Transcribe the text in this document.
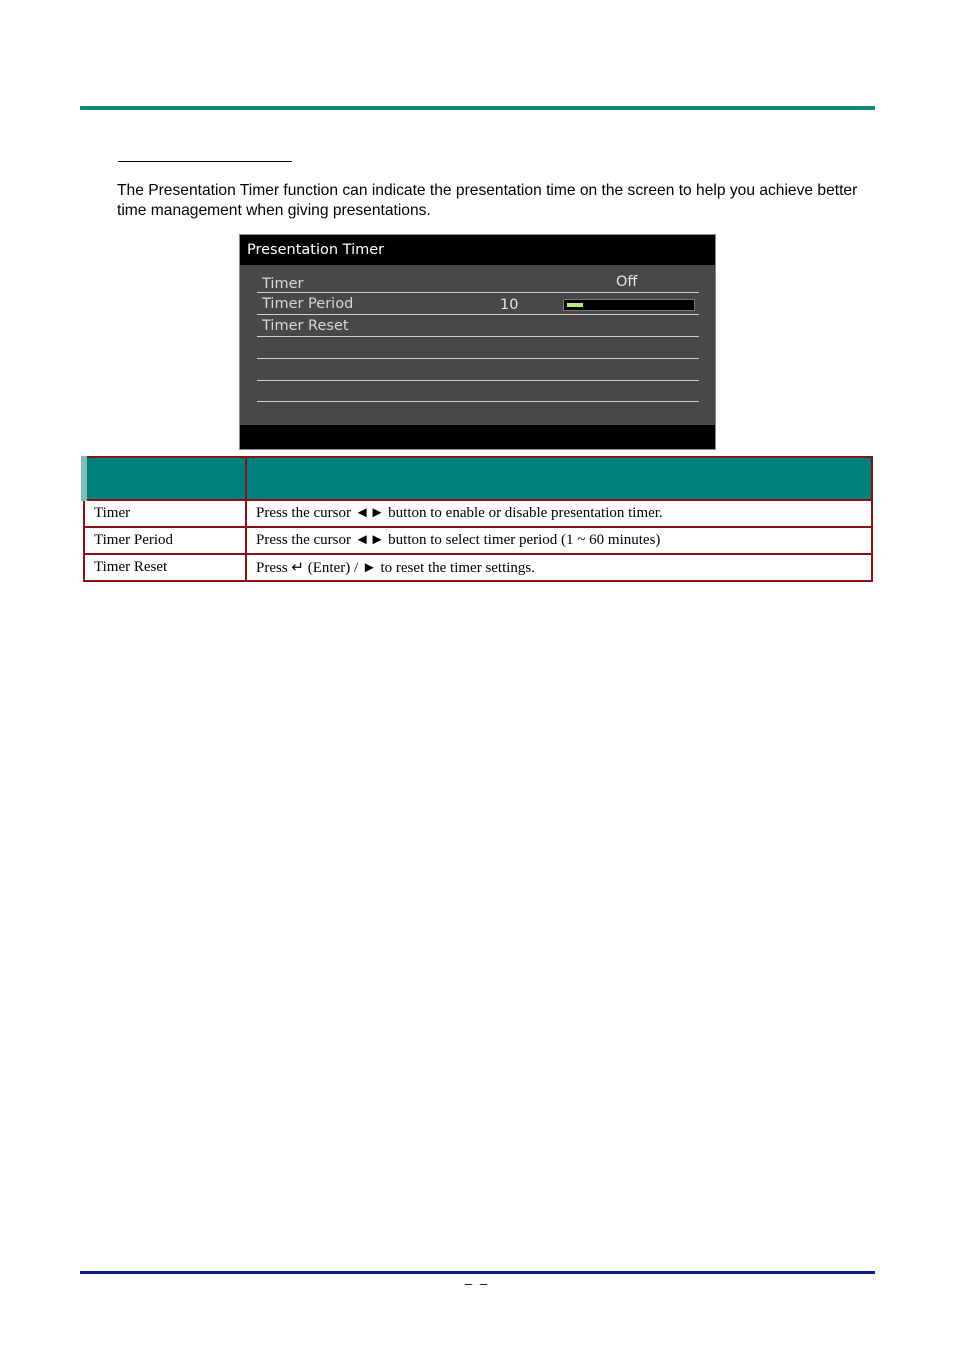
The Presentation Timer function can indicate the presentation time on the screen to help you achieve better time management when giving presentations.

Presentation Timer
Timer	Off
Timer Period	10
Timer Reset

Timer	Press the cursor ◄► button to enable or disable presentation timer.
Timer Period	Press the cursor ◄► button to select timer period (1 ~ 60 minutes)
Timer Reset	Press ↵ (Enter) / ► to reset the timer settings.
– –
